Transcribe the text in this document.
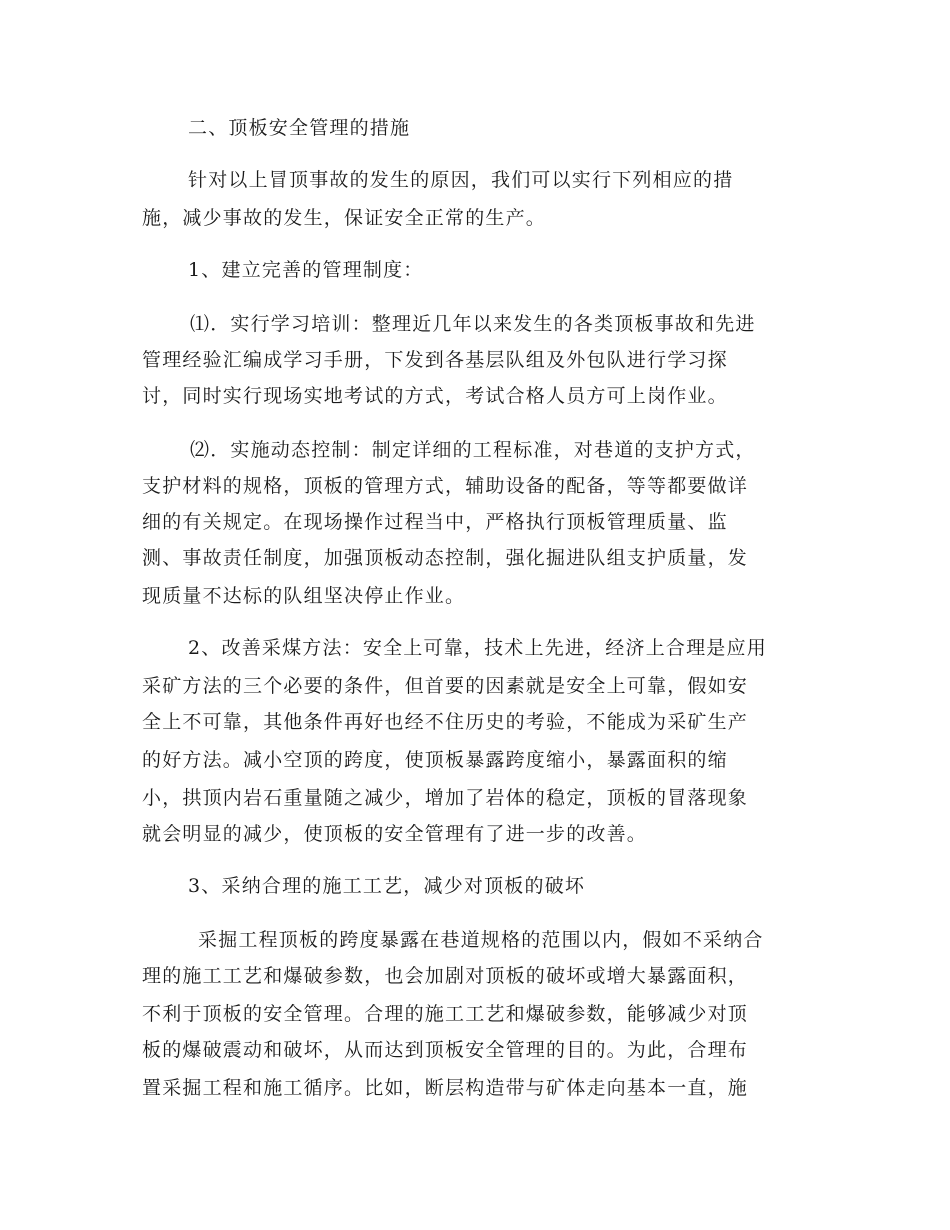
二、顶板安全管理的措施

针对以上冒顶事故的发生的原因，我们可以实行下列相应的措

施，减少事故的发生，保证安全正常的生产。

1、建立完善的管理制度：

⑴．实行学习培训：整理近几年以来发生的各类顶板事故和先进

管理经验汇编成学习手册，下发到各基层队组及外包队进行学习探

讨，同时实行现场实地考试的方式，考试合格人员方可上岗作业。

⑵．实施动态控制：制定详细的工程标准，对巷道的支护方式，

支护材料的规格，顶板的管理方式，辅助设备的配备，等等都要做详

细的有关规定。在现场操作过程当中，严格执行顶板管理质量、监

测、事故责任制度，加强顶板动态控制，强化掘进队组支护质量，发

现质量不达标的队组坚决停止作业。

2、改善采煤方法：安全上可靠，技术上先进，经济上合理是应用

采矿方法的三个必要的条件，但首要的因素就是安全上可靠，假如安

全上不可靠，其他条件再好也经不住历史的考验，不能成为采矿生产

的好方法。减小空顶的跨度，使顶板暴露跨度缩小，暴露面积的缩

小，拱顶内岩石重量随之减少，增加了岩体的稳定，顶板的冒落现象

就会明显的减少，使顶板的安全管理有了进一步的改善。

3、采纳合理的施工工艺，减少对顶板的破坏

采掘工程顶板的跨度暴露在巷道规格的范围以内，假如不采纳合

理的施工工艺和爆破参数，也会加剧对顶板的破坏或增大暴露面积，

不利于顶板的安全管理。合理的施工工艺和爆破参数，能够减少对顶

板的爆破震动和破坏，从而达到顶板安全管理的目的。为此，合理布

置采掘工程和施工循序。比如，断层构造带与矿体走向基本一直，施
